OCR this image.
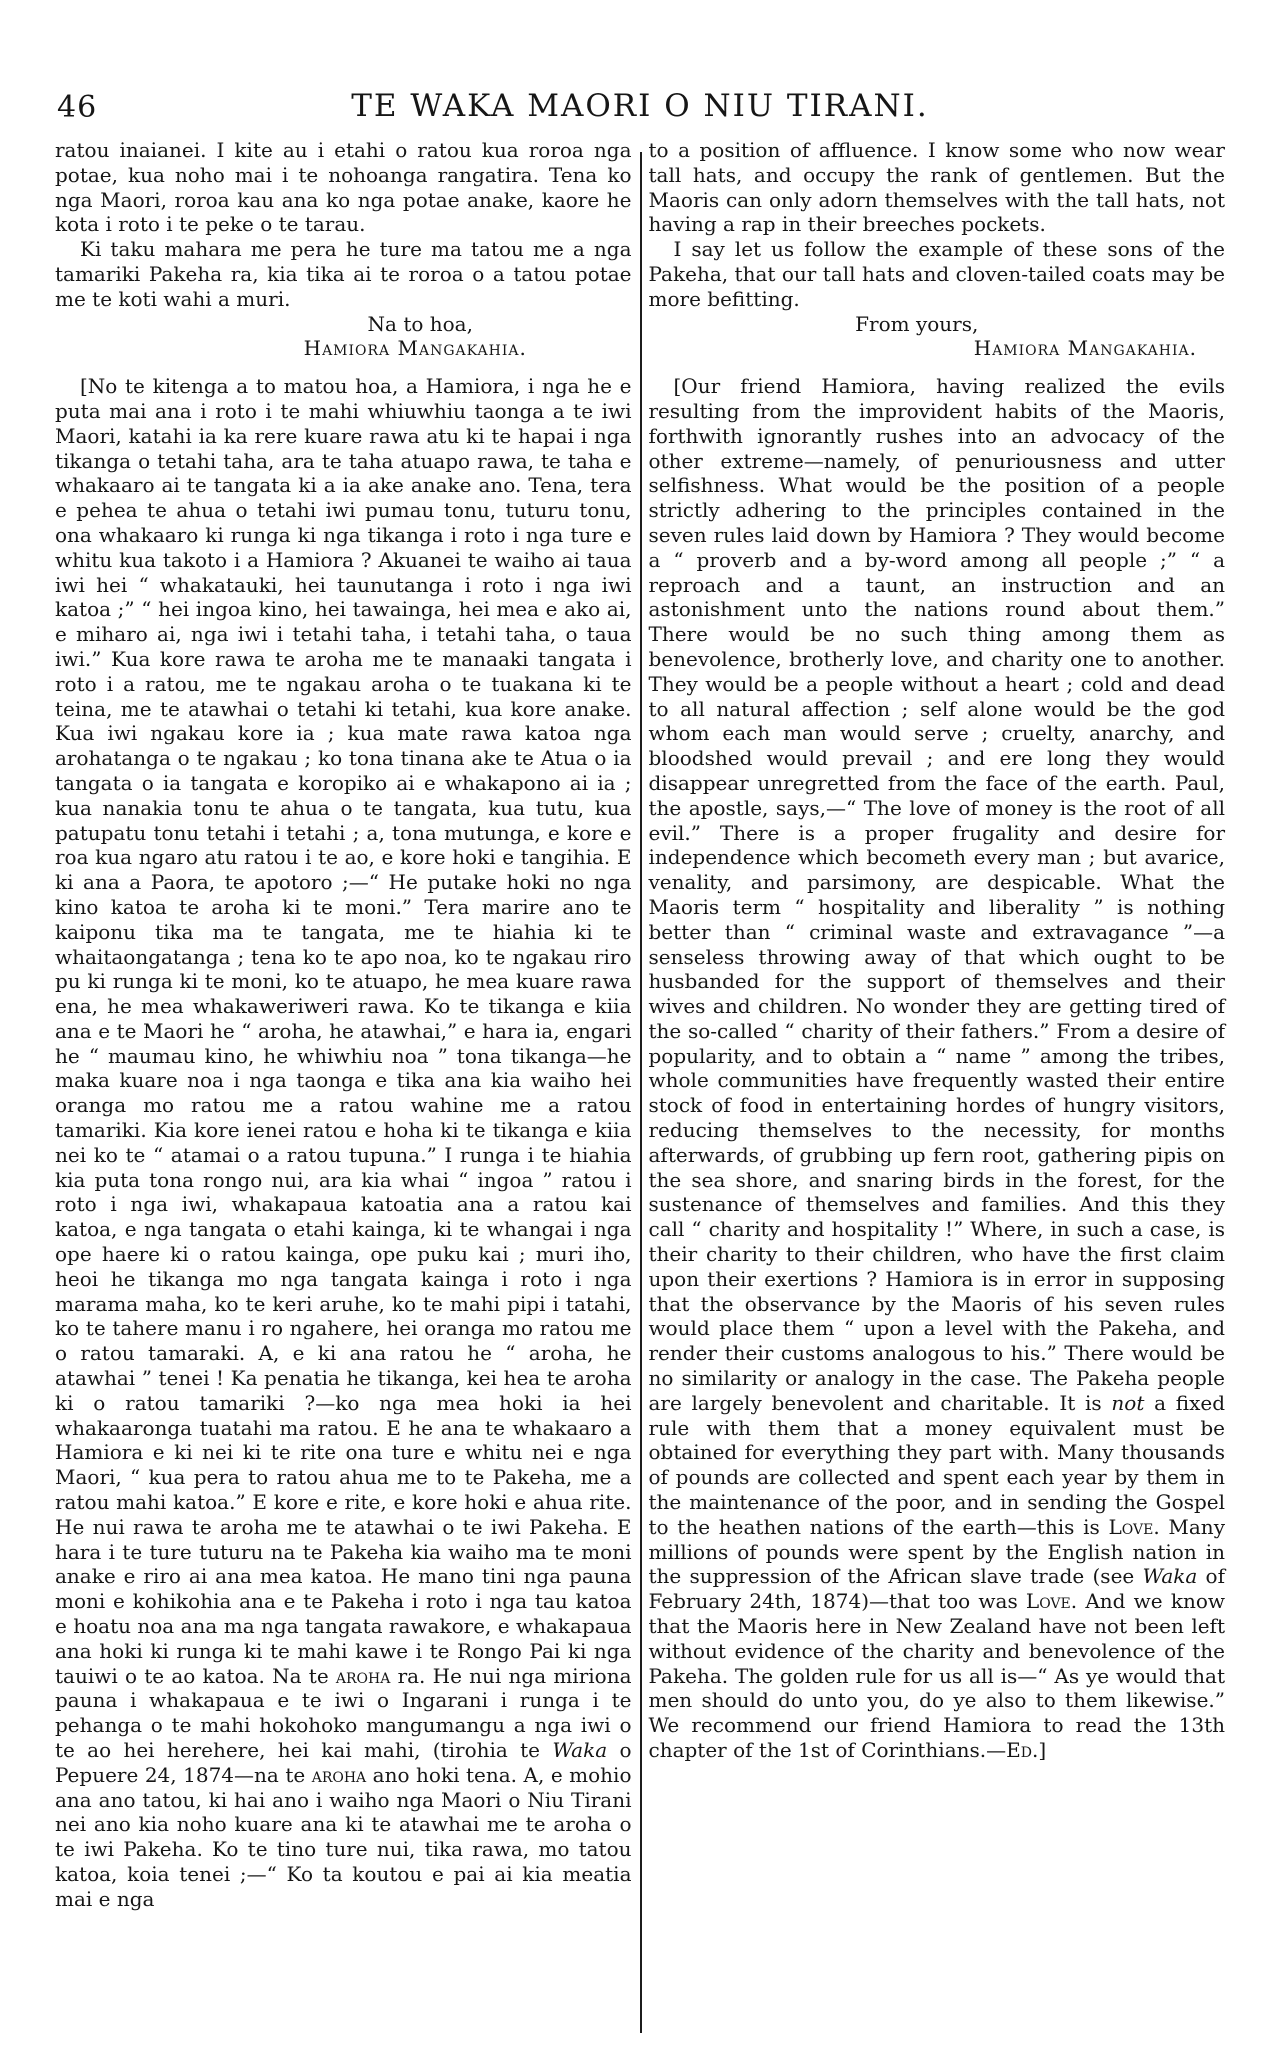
46	TE WAKA MAORI O NIU TIRANI.
ratou inaianei. I kite au i etahi o ratou kua roroa nga potae, kua noho mai i te nohoanga rangatira. Tena ko nga Maori, roroa kau ana ko nga potae anake, kaore he kota i roto i te peke o te tarau.
Ki taku mahara me pera he ture ma tatou me a nga tamariki Pakeha ra, kia tika ai te roroa o a tatou potae me te koti wahi a muri.
Na to hoa,
Hamiora Mangakahia.
[No te kitenga a to matou hoa, a Hamiora, i nga he e puta mai ana i roto i te mahi whiuwhiu taonga a te iwi Maori, katahi ia ka rere kuare rawa atu ki te hapai i nga tikanga o tetahi taha, ara te taha atuapo rawa, te taha e whakaaro ai te tangata ki a ia ake anake ano. Tena, tera e pehea te ahua o tetahi iwi pumau tonu, tuturu tonu, ona whakaaro ki runga ki nga tikanga i roto i nga ture e whitu kua takoto i a Hamiora ? Akuanei te waiho ai taua iwi hei “ whakatauki, hei taunutanga i roto i nga iwi katoa ;” “ hei ingoa kino, hei tawainga, hei mea e ako ai, e miharo ai, nga iwi i tetahi taha, i tetahi taha, o taua iwi.” Kua kore rawa te aroha me te manaaki tangata i roto i a ratou, me te ngakau aroha o te tuakana ki te teina, me te atawhai o tetahi ki tetahi, kua kore anake. Kua iwi ngakau kore ia ; kua mate rawa katoa nga arohatanga o te ngakau ; ko tona tinana ake te Atua o ia tangata o ia tangata e koropiko ai e whakapono ai ia ; kua nanakia tonu te ahua o te tangata, kua tutu, kua patupatu tonu tetahi i tetahi ; a, tona mutunga, e kore e roa kua ngaro atu ratou i te ao, e kore hoki e tangihia. E ki ana a Paora, te apotoro ;—“ He putake hoki no nga kino katoa te aroha ki te moni.” Tera marire ano te kaiponu tika ma te tangata, me te hiahia ki te whaitaongatanga ; tena ko te apo noa, ko te ngakau riro pu ki runga ki te moni, ko te atuapo, he mea kuare rawa ena, he mea whakaweriweri rawa. Ko te tikanga e kiia ana e te Maori he “ aroha, he atawhai,” e hara ia, engari he “ maumau kino, he whiwhiu noa ” tona tikanga—he maka kuare noa i nga taonga e tika ana kia waiho hei oranga mo ratou me a ratou wahine me a ratou tamariki. Kia kore ienei ratou e hoha ki te tikanga e kiia nei ko te “ atamai o a ratou tupuna.” I runga i te hiahia kia puta tona rongo nui, ara kia whai “ ingoa ” ratou i roto i nga iwi, whakapaua katoatia ana a ratou kai katoa, e nga tangata o etahi kainga, ki te whangai i nga ope haere ki o ratou kainga, ope puku kai ; muri iho, heoi he tikanga mo nga tangata kainga i roto i nga marama maha, ko te keri aruhe, ko te mahi pipi i tatahi, ko te tahere manu i ro ngahere, hei oranga mo ratou me o ratou tamaraki. A, e ki ana ratou he “ aroha, he atawhai ” tenei ! Ka penatia he tikanga, kei hea te aroha ki o ratou tamariki ?—ko nga mea hoki ia hei whakaaronga tuatahi ma ratou. E he ana te whakaaro a Hamiora e ki nei ki te rite ona ture e whitu nei e nga Maori, “ kua pera to ratou ahua me to te Pakeha, me a ratou mahi katoa.” E kore e rite, e kore hoki e ahua rite. He nui rawa te aroha me te atawhai o te iwi Pakeha. E hara i te ture tuturu na te Pakeha kia waiho ma te moni anake e riro ai ana mea katoa. He mano tini nga pauna moni e kohikohia ana e te Pakeha i roto i nga tau katoa e hoatu noa ana ma nga tangata rawakore, e whakapaua ana hoki ki runga ki te mahi kawe i te Rongo Pai ki nga tauiwi o te ao katoa. Na te aroha ra. He nui nga miriona pauna i whakapaua e te iwi o Ingarani i runga i te pehanga o te mahi hokohoko mangumangu a nga iwi o te ao hei herehere, hei kai mahi, (tirohia te Waka o Pepuere 24, 1874—na te aroha ano hoki tena. A, e mohio ana ano tatou, ki hai ano i waiho nga Maori o Niu Tirani nei ano kia noho kuare ana ki te atawhai me te aroha o te iwi Pakeha. Ko te tino ture nui, tika rawa, mo tatou katoa, koia tenei ;—“ Ko ta koutou e pai ai kia meatia mai e nga
to a position of affluence. I know some who now wear tall hats, and occupy the rank of gentlemen. But the Maoris can only adorn themselves with the tall hats, not having a rap in their breeches pockets.
I say let us follow the example of these sons of the Pakeha, that our tall hats and cloven-tailed coats may be more befitting.
From yours,
Hamiora Mangakahia.
[Our friend Hamiora, having realized the evils resulting from the improvident habits of the Maoris, forthwith ignorantly rushes into an advocacy of the other extreme—namely, of penuriousness and utter selfishness. What would be the position of a people strictly adhering to the principles contained in the seven rules laid down by Hamiora ? They would become a “ proverb and a by-word among all people ;” “ a reproach and a taunt, an instruction and an astonishment unto the nations round about them.” There would be no such thing among them as benevolence, brotherly love, and charity one to another. They would be a people without a heart ; cold and dead to all natural affection ; self alone would be the god whom each man would serve ; cruelty, anarchy, and bloodshed would prevail ; and ere long they would disappear unregretted from the face of the earth. Paul, the apostle, says,—“ The love of money is the root of all evil.” There is a proper frugality and desire for independence which becometh every man ; but avarice, venality, and parsimony, are despicable. What the Maoris term “ hospitality and liberality ” is nothing better than “ criminal waste and extravagance ”—a senseless throwing away of that which ought to be husbanded for the support of themselves and their wives and children. No wonder they are getting tired of the so-called “ charity of their fathers.” From a desire of popularity, and to obtain a “ name ” among the tribes, whole communities have frequently wasted their entire stock of food in entertaining hordes of hungry visitors, reducing themselves to the necessity, for months afterwards, of grubbing up fern root, gathering pipis on the sea shore, and snaring birds in the forest, for the sustenance of themselves and families. And this they call “ charity and hospitality !” Where, in such a case, is their charity to their children, who have the first claim upon their exertions ? Hamiora is in error in supposing that the observance by the Maoris of his seven rules would place them “ upon a level with the Pakeha, and render their customs analogous to his.” There would be no similarity or analogy in the case. The Pakeha people are largely benevolent and charitable. It is not a fixed rule with them that a money equivalent must be obtained for everything they part with. Many thousands of pounds are collected and spent each year by them in the maintenance of the poor, and in sending the Gospel to the heathen nations of the earth—this is Love. Many millions of pounds were spent by the English nation in the suppression of the African slave trade (see Waka of February 24th, 1874)—that too was Love. And we know that the Maoris here in New Zealand have not been left without evidence of the charity and benevolence of the Pakeha. The golden rule for us all is—“ As ye would that men should do unto you, do ye also to them likewise.” We recommend our friend Hamiora to read the 13th chapter of the 1st of Corinthians.—Ed.]
